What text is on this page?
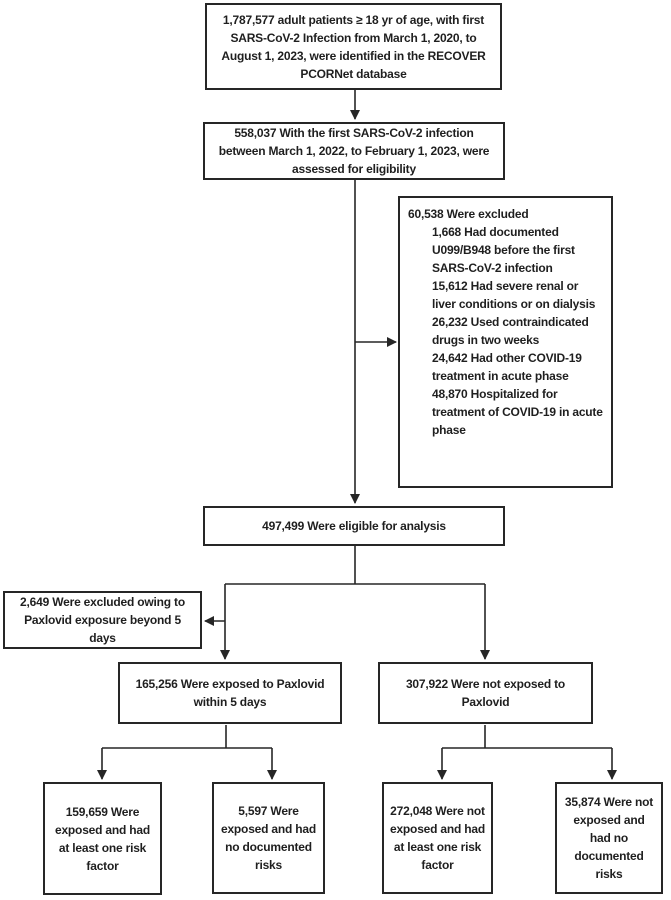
1,787,577 adult patients ≥ 18 yr of age, with first SARS-CoV-2 Infection from March 1, 2020, to August 1, 2023, were identified in the RECOVER PCORNet database
558,037 With the first SARS-CoV-2 infection between March 1, 2022, to February 1, 2023, were assessed for eligibility
60,538 Were excluded
1,668 Had documented U099/B948 before the first SARS-CoV-2 infection
15,612 Had severe renal or liver conditions or on dialysis
26,232 Used contraindicated drugs in two weeks
24,642 Had other COVID-19 treatment in acute phase
48,870 Hospitalized for treatment of COVID-19 in acute phase
497,499 Were eligible for analysis
2,649 Were excluded owing to Paxlovid exposure beyond 5 days
165,256 Were exposed to Paxlovid within 5 days
307,922 Were not exposed to Paxlovid
159,659 Were exposed and had at least one risk factor
5,597 Were exposed and had no documented risks
272,048 Were not exposed and had at least one risk factor
35,874 Were not exposed and had no documented risks
